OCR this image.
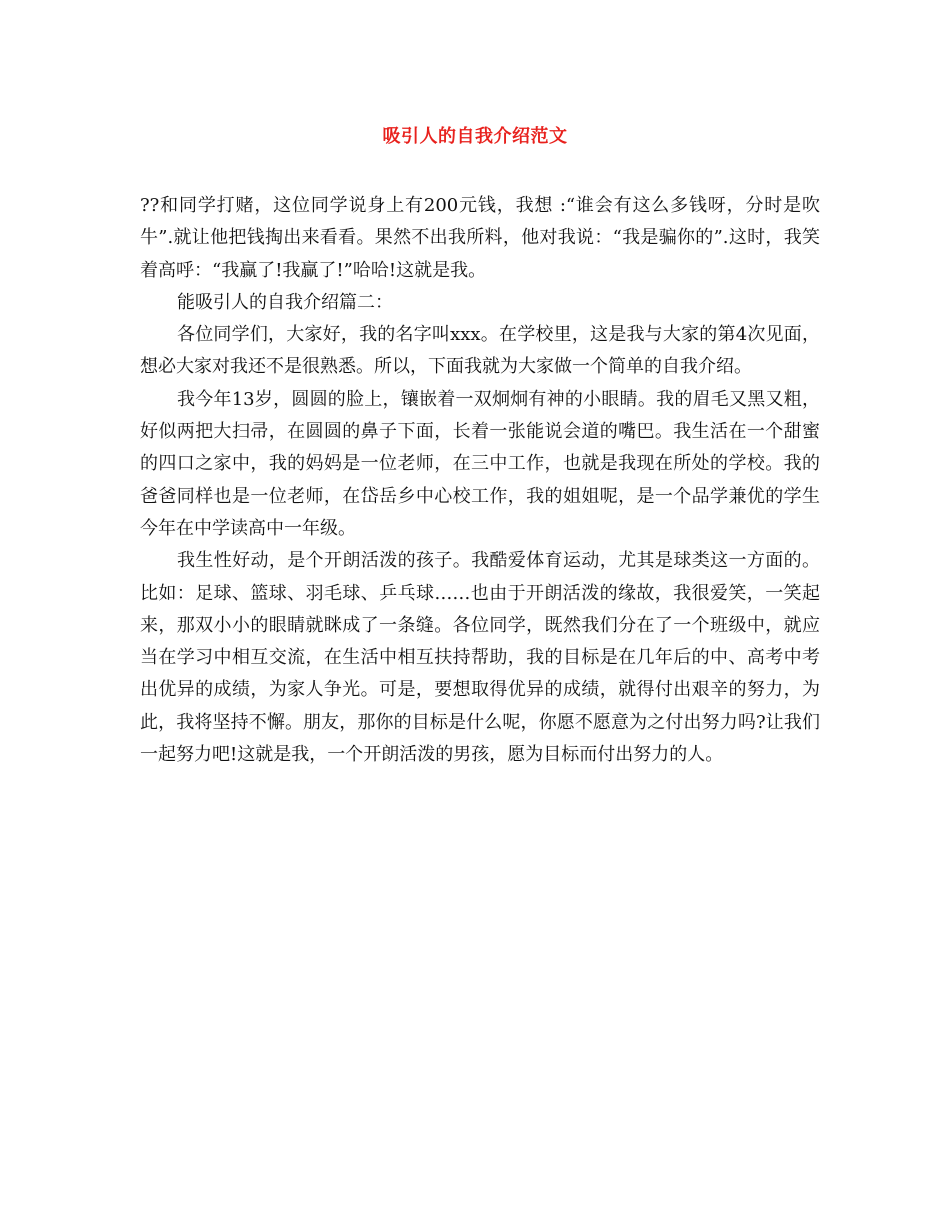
吸引人的自我介绍范文

??和同学打赌，这位同学说身上有200元钱，我想 :“谁会有这么多钱呀，分时是吹牛”.就让他把钱掏出来看看。果然不出我所料，他对我说：“我是骗你的”.这时，我笑着高呼：“我赢了!我赢了!”哈哈!这就是我。

能吸引人的自我介绍篇二：

各位同学们，大家好，我的名字叫xxx。在学校里，这是我与大家的第4次见面，想必大家对我还不是很熟悉。所以，下面我就为大家做一个简单的自我介绍。

我今年13岁，圆圆的脸上，镶嵌着一双炯炯有神的小眼睛。我的眉毛又黑又粗，好似两把大扫帚，在圆圆的鼻子下面，长着一张能说会道的嘴巴。我生活在一个甜蜜的四口之家中，我的妈妈是一位老师，在三中工作，也就是我现在所处的学校。我的爸爸同样也是一位老师，在岱岳乡中心校工作，我的姐姐呢，是一个品学兼优的学生今年在中学读高中一年级。

我生性好动，是个开朗活泼的孩子。我酷爱体育运动，尤其是球类这一方面的。比如：足球、篮球、羽毛球、乒乓球……也由于开朗活泼的缘故，我很爱笑，一笑起来，那双小小的眼睛就眯成了一条缝。各位同学，既然我们分在了一个班级中，就应当在学习中相互交流，在生活中相互扶持帮助，我的目标是在几年后的中、高考中考出优异的成绩，为家人争光。可是，要想取得优异的成绩，就得付出艰辛的努力，为此，我将坚持不懈。朋友，那你的目标是什么呢，你愿不愿意为之付出努力吗?让我们一起努力吧!这就是我，一个开朗活泼的男孩，愿为目标而付出努力的人。
